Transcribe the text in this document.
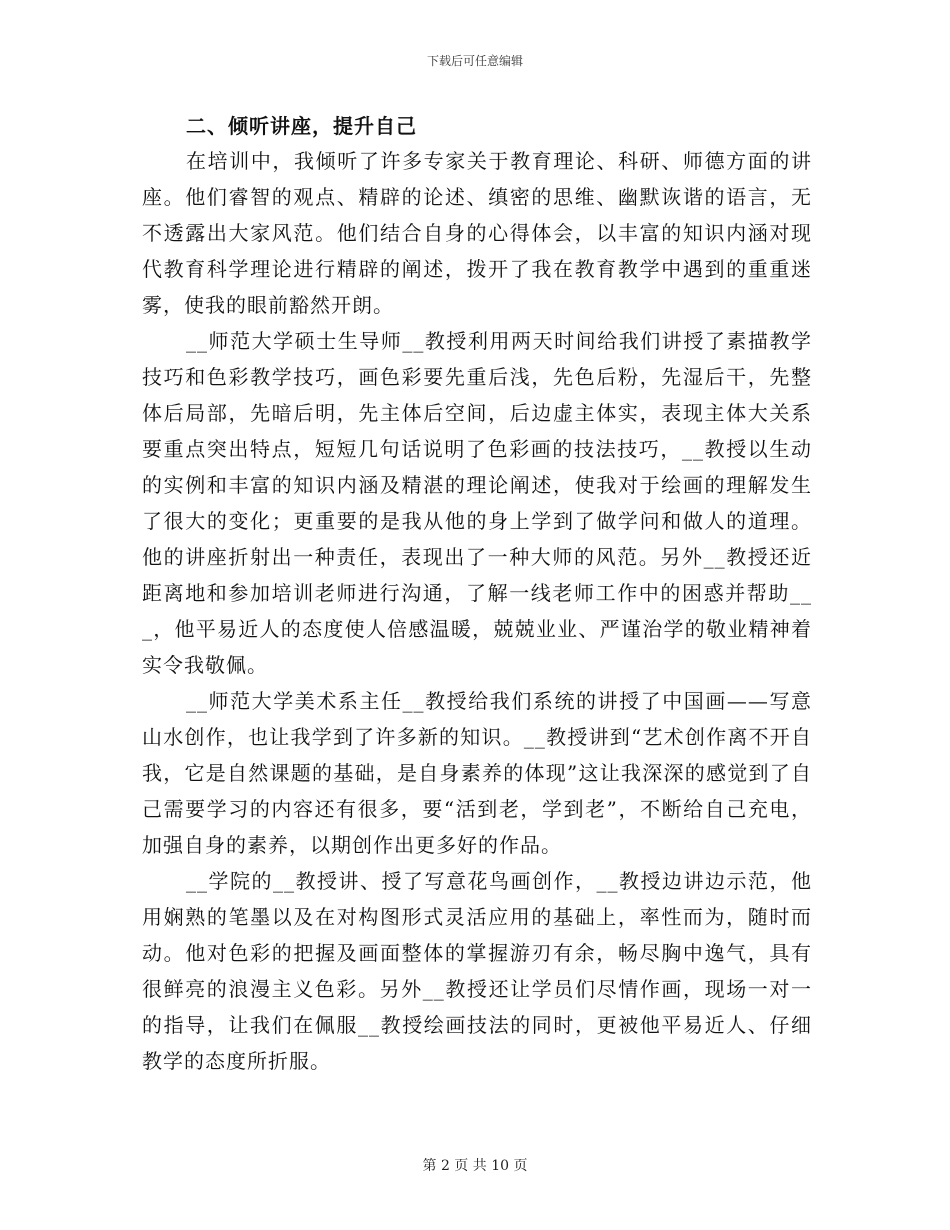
下载后可任意编辑
二、倾听讲座，提升自己

在培训中，我倾听了许多专家关于教育理论、科研、师德方面的讲座。他们睿智的观点、精辟的论述、缜密的思维、幽默诙谐的语言，无不透露出大家风范。他们结合自身的心得体会，以丰富的知识内涵对现代教育科学理论进行精辟的阐述，拨开了我在教育教学中遇到的重重迷雾，使我的眼前豁然开朗。

__师范大学硕士生导师__教授利用两天时间给我们讲授了素描教学技巧和色彩教学技巧，画色彩要先重后浅，先色后粉，先湿后干，先整体后局部，先暗后明，先主体后空间，后边虚主体实，表现主体大关系要重点突出特点，短短几句话说明了色彩画的技法技巧，__教授以生动的实例和丰富的知识内涵及精湛的理论阐述，使我对于绘画的理解发生了很大的变化；更重要的是我从他的身上学到了做学问和做人的道理。他的讲座折射出一种责任，表现出了一种大师的风范。另外__教授还近距离地和参加培训老师进行沟通，了解一线老师工作中的困惑并帮助___，他平易近人的态度使人倍感温暖，兢兢业业、严谨治学的敬业精神着实令我敬佩。

__师范大学美术系主任__教授给我们系统的讲授了中国画——写意山水创作，也让我学到了许多新的知识。__教授讲到“艺术创作离不开自我，它是自然课题的基础，是自身素养的体现”这让我深深的感觉到了自己需要学习的内容还有很多，要“活到老，学到老”，不断给自己充电，加强自身的素养，以期创作出更多好的作品。

__学院的__教授讲、授了写意花鸟画创作，__教授边讲边示范，他用娴熟的笔墨以及在对构图形式灵活应用的基础上，率性而为，随时而动。他对色彩的把握及画面整体的掌握游刃有余，畅尽胸中逸气，具有很鲜亮的浪漫主义色彩。另外__教授还让学员们尽情作画，现场一对一的指导，让我们在佩服__教授绘画技法的同时，更被他平易近人、仔细教学的态度所折服。

第 2 页 共 10 页
